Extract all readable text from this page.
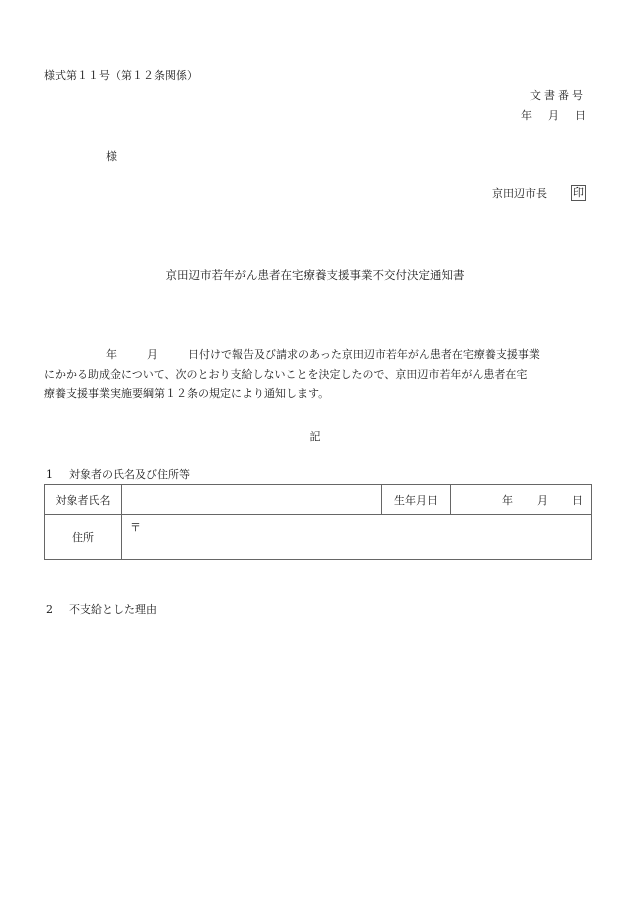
様式第１１号（第１２条関係）
文書番号
年 月 日
様
京田辺市長 印
京田辺市若年がん患者在宅療養支援事業不交付決定通知書
年	月	日付けで報告及び請求のあった京田辺市若年がん患者在宅療養支援事業
にかかる助成金について、次のとおり支給しないことを決定したので、京田辺市若年がん患者在宅
療養支援事業実施要綱第１２条の規定により通知します。
記
1 対象者の氏名及び住所等
対象者氏名		生年月日	年 月 日
住所	〒		
2 不支給とした理由
